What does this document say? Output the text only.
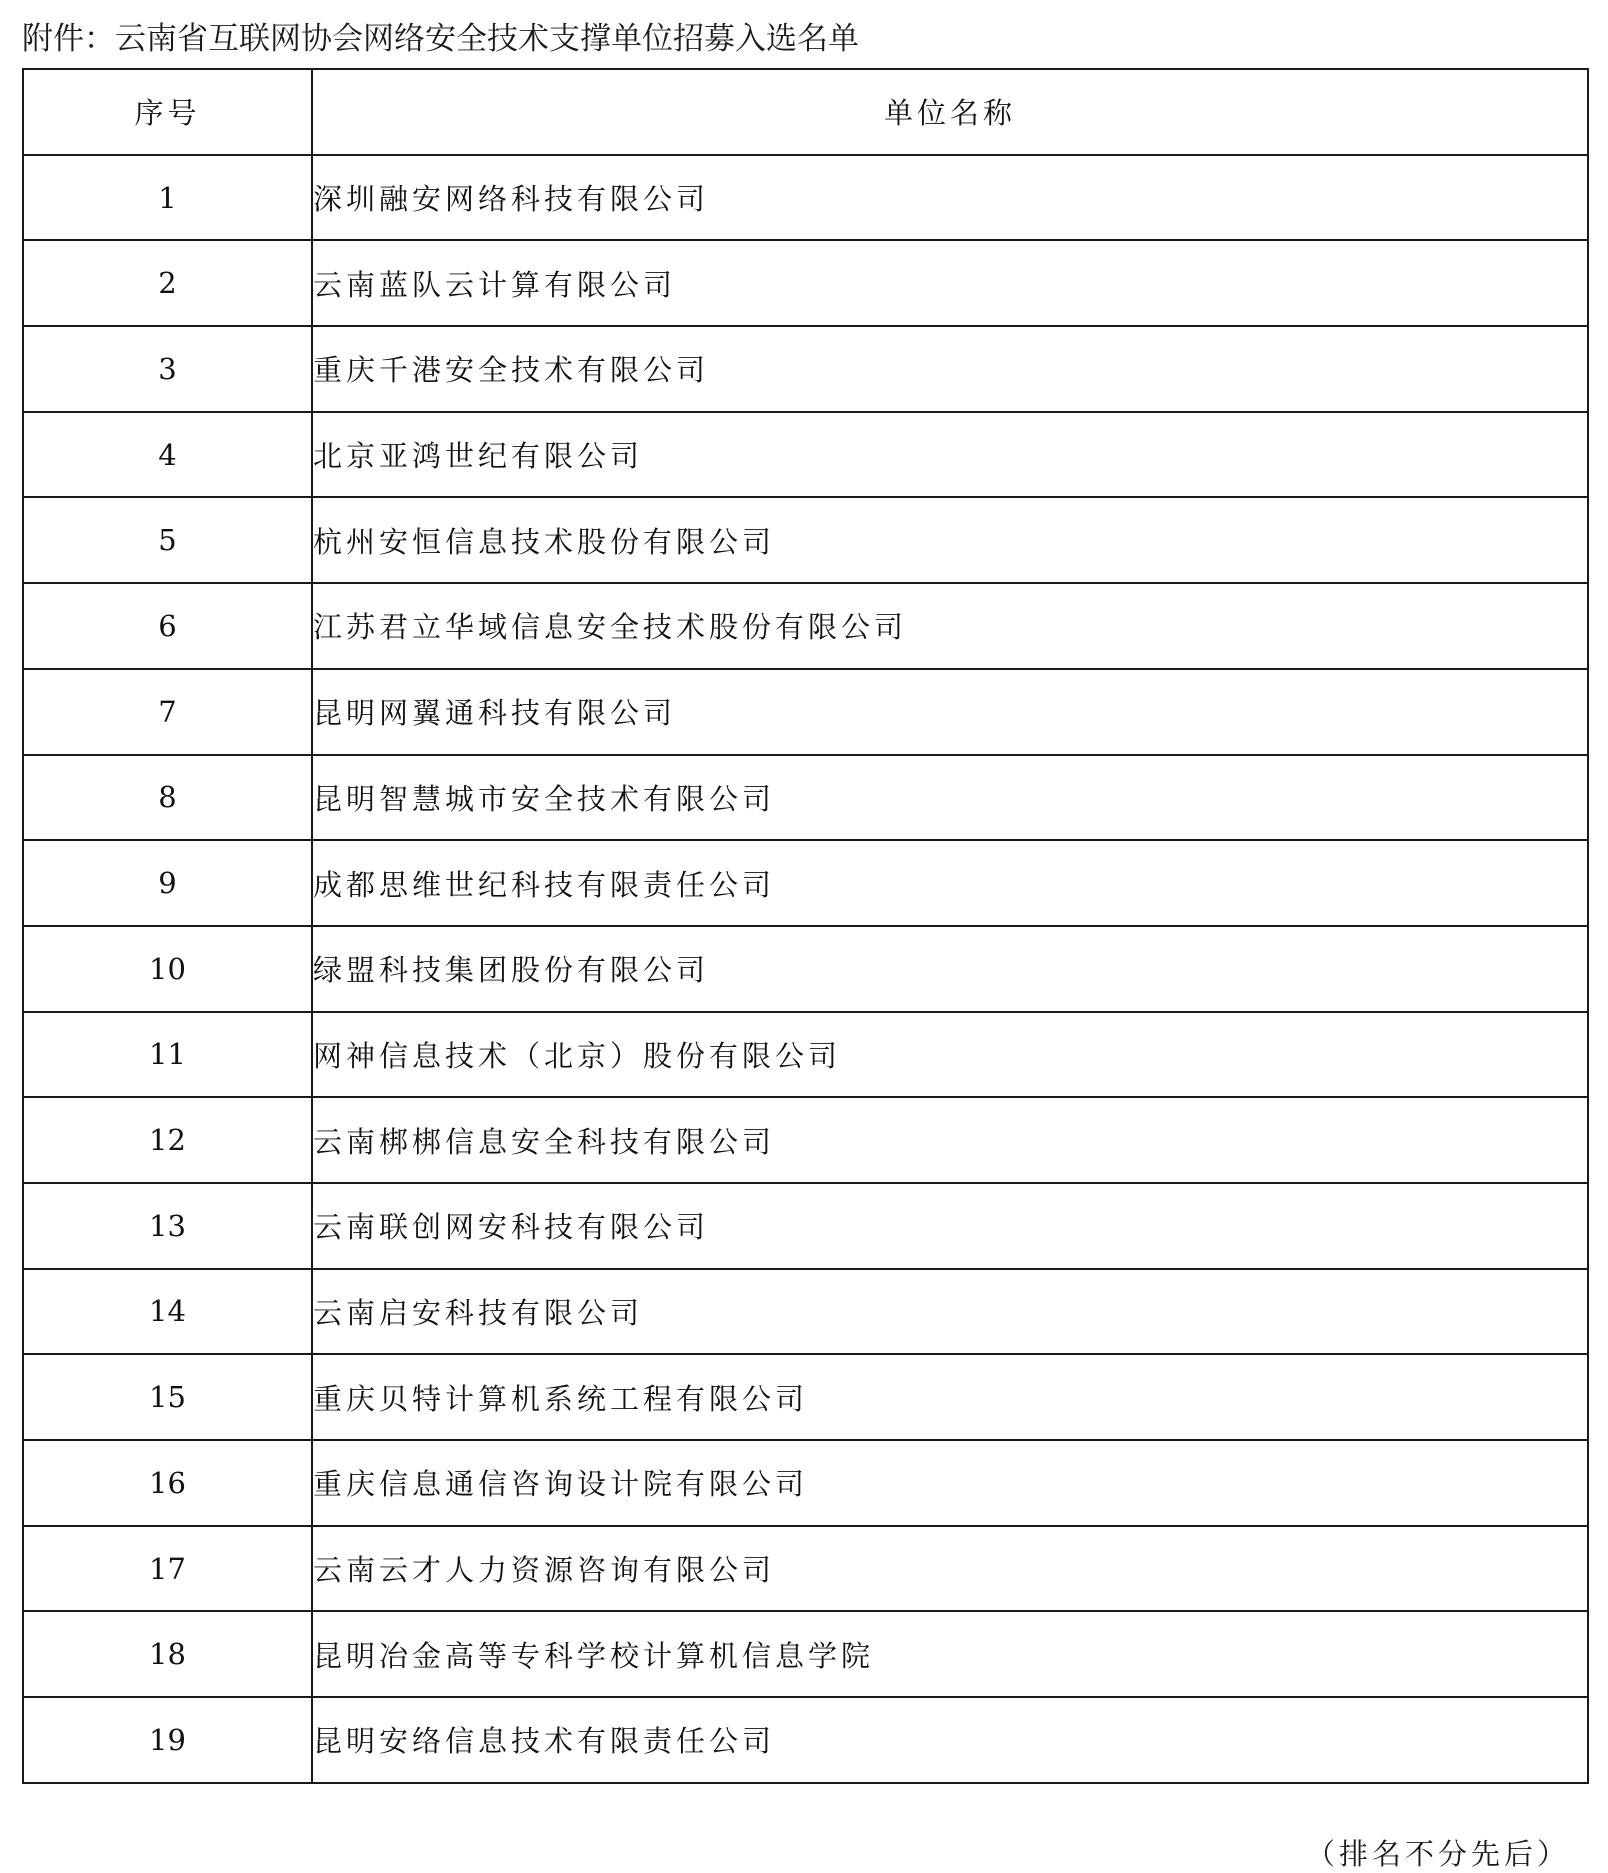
附件：云南省互联网协会网络安全技术支撑单位招募入选名单
序号	单位名称
1	深圳融安网络科技有限公司
2	云南蓝队云计算有限公司
3	重庆千港安全技术有限公司
4	北京亚鸿世纪有限公司
5	杭州安恒信息技术股份有限公司
6	江苏君立华域信息安全技术股份有限公司
7	昆明网翼通科技有限公司
8	昆明智慧城市安全技术有限公司
9	成都思维世纪科技有限责任公司
10	绿盟科技集团股份有限公司
11	网神信息技术（北京）股份有限公司
12	云南梆梆信息安全科技有限公司
13	云南联创网安科技有限公司
14	云南启安科技有限公司
15	重庆贝特计算机系统工程有限公司
16	重庆信息通信咨询设计院有限公司
17	云南云才人力资源咨询有限公司
18	昆明冶金高等专科学校计算机信息学院
19	昆明安络信息技术有限责任公司
（排名不分先后）
